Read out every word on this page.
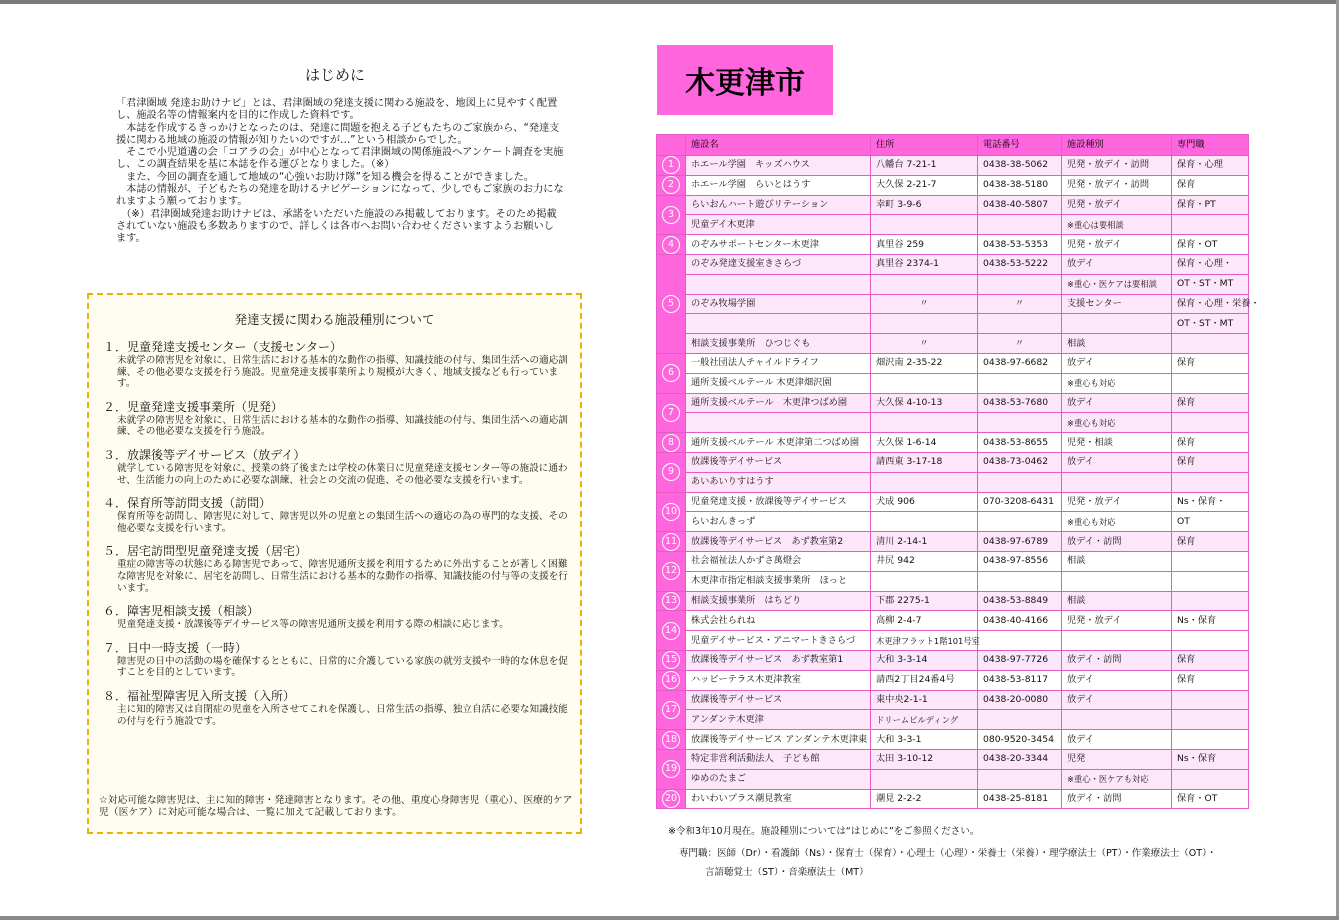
はじめに

「君津圏域 発達お助けナビ」とは、君津圏域の発達支援に関わる施設を、地図上に見やすく配置し、施設名等の情報案内を目的に作成した資料です。

　本誌を作成するきっかけとなったのは、発達に問題を抱える子どもたちのご家族から、“発達支援に関わる地域の施設の情報が知りたいのですが…”という相談からでした。

　そこで小児道遘の会「コアラの会」が中心となって君津圏域の関係施設へアンケート調査を実施し、この調査結果を基に本誌を作る運びとなりました。（※）

　また、今回の調査を通して地域の“心強いお助け隊”を知る機会を得ることができました。

　本誌の情報が、子どもたちの発達を助けるナビゲーションになって、少しでもご家族のお力になれますよう願っております。

　（※）君津圏域発達お助けナビは、承諾をいただいた施設のみ掲載しております。そのため掲載されていない施設も多数ありますので、詳しくは各市へお問い合わせくださいますようお願いします。

発達支援に関わる施設種別について
１．児童発達支援センター（支援センター）
未就学の障害児を対象に、日常生活における基本的な動作の指導、知識技能の付与、集団生活への適応訓練、その他必要な支援を行う施設。児童発達支援事業所より規模が大きく、地域支援なども行っています。
２．児童発達支援事業所（児発）
未就学の障害児を対象に、日常生活における基本的な動作の指導、知識技能の付与、集団生活への適応訓練、その他必要な支援を行う施設。
３．放課後等デイサービス（放デイ）
就学している障害児を対象に、授業の終了後または学校の休業日に児童発達支援センター等の施設に通わせ、生活能力の向上のために必要な訓練、社会との交流の促進、その他必要な支援を行います。
４．保育所等訪問支援（訪問）
保育所等を訪問し、障害児に対して、障害児以外の児童との集団生活への適応の為の専門的な支援、その他必要な支援を行います。
５．居宅訪問型児童発達支援（居宅）
重症の障害等の状態にある障害児であって、障害児通所支援を利用するために外出することが著しく困難な障害児を対象に、居宅を訪問し、日常生活における基本的な動作の指導、知識技能の付与等の支援を行います。
６．障害児相談支援（相談）
児童発達支援・放課後等デイサービス等の障害児通所支援を利用する際の相談に応じます。
７．日中一時支援（一時）
障害児の日中の活動の場を確保するとともに、日常的に介護している家族の就労支援や一時的な休息を促すことを目的としています。
８．福祉型障害児入所支援（入所）
主に知的障害又は自閉症の児童を入所させてこれを保護し、日常生活の指導、独立自活に必要な知識技能の付与を行う施設です。
☆対応可能な障害児は、主に知的障害・発達障害となります。その他、重度心身障害児（重心）、医療的ケア児（医ケア）に対応可能な場合は、一覧に加えて記載しております。
木更津市
	施設名	住所	電話番号	施設種別	専門職
1	ホエール学園　キッズハウス	八幡台 7-21-1	0438-38-5062	児発・放デイ・訪問	保育・心理
2	ホエール学園　らいとはうす	大久保 2-21-7	0438-38-5180	児発・放デイ・訪問	保育
3	らいおんハート遊びリテーション	幸町 3-9-6	0438-40-5807	児発・放デイ	保育・PT
	児童デイ木更津			※重心は要相談	
4	のぞみサポートセンター木更津	真里谷 259	0438-53-5353	児発・放デイ	保育・OT
5	のぞみ発達支援室きさらづ	真里谷 2374-1	0438-53-5222	放デイ	保育・心理・
				※重心・医ケアは要相談	OT・ST・MT
	のぞみ牧場学園	〃	〃	支援センター	保育・心理・栄養・
					OT・ST・MT
	相談支援事業所　ひつじぐも	〃	〃	相談	
6	一般社団法人チャイルドライフ	畑沢南 2-35-22	0438-97-6682	放デイ	保育
	通所支援ベルテール 木更津畑沢園			※重心も対応	
7	通所支援ベルテール　木更津つばめ園	大久保 4-10-13	0438-53-7680	放デイ	保育
				※重心も対応	
8	通所支援ベルテール 木更津第二つばめ園	大久保 1-6-14	0438-53-8655	児発・相談	保育
9	放課後等デイサービス	請西東 3-17-18	0438-73-0462	放デイ	保育
	あいあいりすはうす				
10	児童発達支援・放課後等デイサービス	犬成 906	070-3208-6431	児発・放デイ	Ns・保育・
	らいおんきっず			※重心も対応	OT
11	放課後等デイサービス　あず教室第2	清川 2-14-1	0438-97-6789	放デイ・訪問	保育
12	社会福祉法人かずさ萬燈会	井尻 942	0438-97-8556	相談	
	木更津市指定相談支援事業所　ほっと				
13	相談支援事業所　はちどり	下郡 2275-1	0438-53-8849	相談	
14	株式会社られね	高柳 2-4-7	0438-40-4166	児発・放デイ	Ns・保育
	児童デイサービス・アニマートきさらづ	木更津フラット1階101号室			
15	放課後等デイサービス　あず教室第1	大和 3-3-14	0438-97-7726	放デイ・訪問	保育
16	ハッピーテラス木更津教室	請西2丁目24番4号	0438-53-8117	放デイ	保育
17	放課後等デイサービス	東中央2-1-1	0438-20-0080	放デイ	
	アンダンテ木更津	ドリームビルディング			
18	放課後等デイサービス アンダンテ木更津東	大和 3-3-1	080-9520-3454	放デイ	
19	特定非営利活動法人　子ども館	太田 3-10-12	0438-20-3344	児発	Ns・保育
	ゆめのたまご			※重心・医ケアも対応	
20	わいわいプラス潮見教室	潮見 2-2-2	0438-25-8181	放デイ・訪問	保育・OT
※令和3年10月現在。施設種別については“はじめに”をご参照ください。
専門職：医師（Dr）・看護師（Ns）・保育士（保育）・心理士（心理）・栄養士（栄養）・理学療法士（PT）・作業療法士（OT）・
言語聴覚士（ST）・音楽療法士（MT）
